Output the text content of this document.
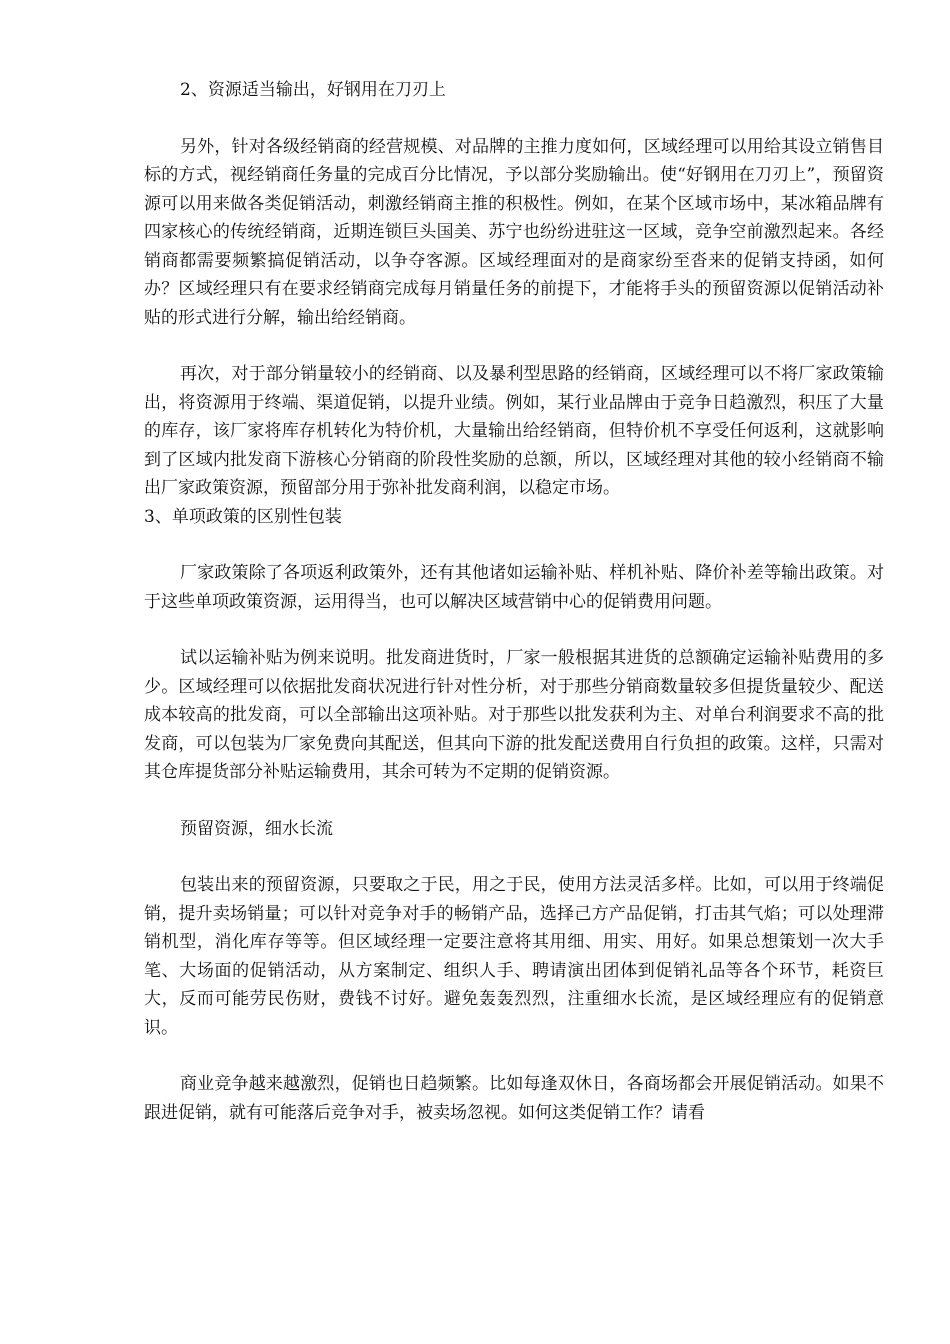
2、资源适当输出，好钢用在刀刃上

另外，针对各级经销商的经营规模、对品牌的主推力度如何，区域经理可以用给其设立销售目标的方式，视经销商任务量的完成百分比情况，予以部分奖励输出。使“好钢用在刀刃上”，预留资源可以用来做各类促销活动，刺激经销商主推的积极性。例如，在某个区域市场中，某冰箱品牌有四家核心的传统经销商，近期连锁巨头国美、苏宁也纷纷进驻这一区域，竞争空前激烈起来。各经销商都需要频繁搞促销活动，以争夺客源。区域经理面对的是商家纷至沓来的促销支持函，如何办？区域经理只有在要求经销商完成每月销量任务的前提下，才能将手头的预留资源以促销活动补贴的形式进行分解，输出给经销商。

再次，对于部分销量较小的经销商、以及暴利型思路的经销商，区域经理可以不将厂家政策输出，将资源用于终端、渠道促销，以提升业绩。例如，某行业品牌由于竞争日趋激烈，积压了大量的库存，该厂家将库存机转化为特价机，大量输出给经销商，但特价机不享受任何返利，这就影响到了区域内批发商下游核心分销商的阶段性奖励的总额，所以，区域经理对其他的较小经销商不输出厂家政策资源，预留部分用于弥补批发商利润，以稳定市场。

3、单项政策的区别性包装

厂家政策除了各项返利政策外，还有其他诸如运输补贴、样机补贴、降价补差等输出政策。对于这些单项政策资源，运用得当，也可以解决区域营销中心的促销费用问题。

试以运输补贴为例来说明。批发商进货时，厂家一般根据其进货的总额确定运输补贴费用的多少。区域经理可以依据批发商状况进行针对性分析，对于那些分销商数量较多但提货量较少、配送成本较高的批发商，可以全部输出这项补贴。对于那些以批发获利为主、对单台利润要求不高的批发商，可以包装为厂家免费向其配送，但其向下游的批发配送费用自行负担的政策。这样，只需对其仓库提货部分补贴运输费用，其余可转为不定期的促销资源。

预留资源，细水长流

包装出来的预留资源，只要取之于民，用之于民，使用方法灵活多样。比如，可以用于终端促销，提升卖场销量；可以针对竞争对手的畅销产品，选择己方产品促销，打击其气焰；可以处理滞销机型，消化库存等等。但区域经理一定要注意将其用细、用实、用好。如果总想策划一次大手笔、大场面的促销活动，从方案制定、组织人手、聘请演出团体到促销礼品等各个环节，耗资巨大，反而可能劳民伤财，费钱不讨好。避免轰轰烈烈，注重细水长流，是区域经理应有的促销意识。

商业竞争越来越激烈，促销也日趋频繁。比如每逢双休日，各商场都会开展促销活动。如果不跟进促销，就有可能落后竞争对手，被卖场忽视。如何这类促销工作？请看
